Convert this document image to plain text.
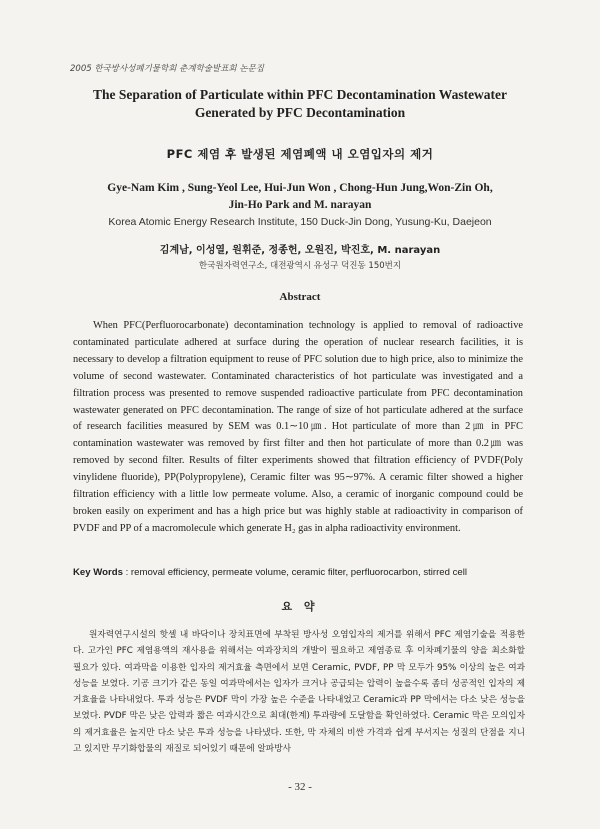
2005 한국방사성폐기물학회 춘계학술발표회 논문집
The Separation of Particulate within PFC Decontamination Wastewater
Generated by PFC Decontamination
PFC 제염 후 발생된 제염폐액 내 오염입자의 제거
Gye-Nam Kim , Sung-Yeol Lee, Hui-Jun Won , Chong-Hun Jung,Won-Zin Oh,
Jin-Ho Park and M. narayan
Korea Atomic Energy Research Institute, 150 Duck-Jin Dong, Yusung-Ku, Daejeon
김계남, 이성열, 원휘준, 정종헌, 오원진, 박진호, M. narayan
한국원자력연구소, 대전광역시 유성구 덕진동 150번지
Abstract

When PFC(Perfluorocarbonate) decontamination technology is applied to removal of radioactive contaminated particulate adhered at surface during the operation of nuclear research facilities, it is necessary to develop a filtration equipment to reuse of PFC solution due to high price, also to minimize the volume of second wastewater. Contaminated characteristics of hot particulate was investigated and a filtration process was presented to remove suspended radioactive particulate from PFC decontamination wastewater generated on PFC decontamination. The range of size of hot particulate adhered at the surface of research facilities measured by SEM was 0.1∼10㎛. Hot particulate of more than 2㎛ in PFC contamination wastewater was removed by first filter and then hot particulate of more than 0.2㎛ was removed by second filter. Results of filter experiments showed that filtration efficiency of PVDF(Poly vinylidene fluoride), PP(Polypropylene), Ceramic filter was 95∼97%. A ceramic filter showed a higher filtration efficiency with a little low permeate volume. Also, a ceramic of inorganic compound could be broken easily on experiment and has a high price but was highly stable at radioactivity in comparison of PVDF and PP of a macromolecule which generate H₂ gas in alpha radioactivity environment.

Key Words : removal efficiency, permeate volume, ceramic filter, perfluorocarbon, stirred cell
요 약

원자력연구시설의 핫셀 내 바닥이나 장치표면에 부착된 방사성 오염입자의 제거를 위해서 PFC 제염기술을 적용한다. 고가인 PFC 제염용액의 재사용을 위해서는 여과장치의 개발이 필요하고 제염종료 후 이차폐기물의 양을 최소화할 필요가 있다. 여과막을 이용한 입자의 제거효율 측면에서 보면 Ceramic, PVDF, PP 막 모두가 95% 이상의 높은 여과 성능을 보였다. 기공 크기가 같은 동일 여과막에서는 입자가 크거나 공급되는 압력이 높을수록 좀더 성공적인 입자의 제거효율을 나타내었다. 투과 성능은 PVDF 막이 가장 높은 수준을 나타내었고 Ceramic과 PP 막에서는 다소 낮은 성능을 보였다. PVDF 막은 낮은 압력과 짧은 여과시간으로 최대(한계) 투과량에 도달함을 확인하였다. Ceramic 막은 모의입자의 제거효율은 높지만 다소 낮은 투과 성능을 나타냈다. 또한, 막 자체의 비싼 가격과 쉽게 부서지는 성질의 단점을 지니고 있지만 무기화합물의 재질로 되어있기 때문에 알파방사

- 32 -
